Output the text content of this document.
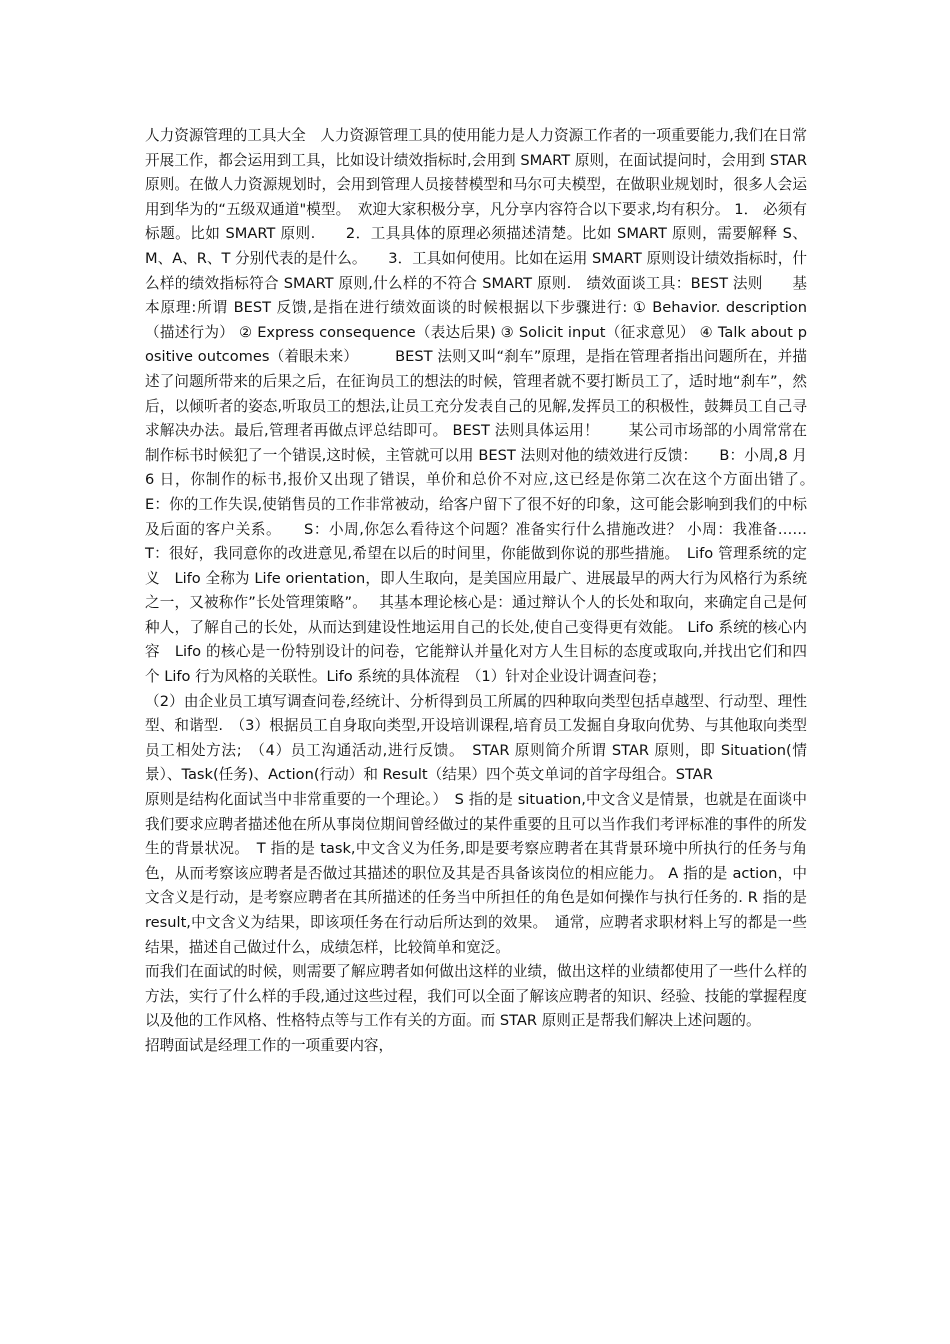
人力资源管理的工具大全　人力资源管理工具的使用能力是人力资源工作者的一项重要能力,我们在日常开展工作，都会运用到工具，比如设计绩效指标时,会用到 SMART 原则，在面试提问时，会用到 STAR 原则。在做人力资源规划时，会用到管理人员接替模型和马尔可夫模型，在做职业规划时，很多人会运用到华为的“五级双通道"模型。　欢迎大家积极分享，凡分享内容符合以下要求,均有积分。 1． 必须有标题。比如 SMART 原则.　　2．工具具体的原理必须描述清楚。比如 SMART 原则，需要解释 S、M、A、R、T 分别代表的是什么。　　3．工具如何使用。比如在运用 SMART 原则设计绩效指标时，什么样的绩效指标符合 SMART 原则,什么样的不符合 SMART 原则.　绩效面谈工具：BEST 法则　　基本原理:所谓 BEST 反馈,是指在进行绩效面谈的时候根据以下步骤进行: ① Behavior. description （描述行为） ② Express consequence（表达后果) ③ Solicit input（征求意见） ④ Talk about positive outcomes（着眼未来）　　　BEST 法则又叫“刹车”原理，是指在管理者指出问题所在，并描述了问题所带来的后果之后，在征询员工的想法的时候，管理者就不要打断员工了，适时地“刹车”，然后，以倾听者的姿态,听取员工的想法,让员工充分发表自己的见解,发挥员工的积极性，鼓舞员工自己寻求解决办法。最后,管理者再做点评总结即可。 BEST 法则具体运用！　　某公司市场部的小周常常在制作标书时候犯了一个错误,这时候，主管就可以用 BEST 法则对他的绩效进行反馈：　　B：小周,8 月 6 日，你制作的标书,报价又出现了错误，单价和总价不对应,这已经是你第二次在这个方面出错了。　　E：你的工作失误,使销售员的工作非常被动，给客户留下了很不好的印象，这可能会影响到我们的中标及后面的客户关系。　　S：小周,你怎么看待这个问题？准备实行什么措施改进？ 小周：我准备……　　T：很好，我同意你的改进意见,希望在以后的时间里，你能做到你说的那些措施。　Lifo 管理系统的定义　Lifo 全称为 Life orientation，即人生取向，是美国应用最广、进展最早的两大行为风格行为系统之一，又被称作”长处管理策略”。　 其基本理论核心是：通过辩认个人的长处和取向，来确定自己是何种人，了解自己的长处，从而达到建设性地运用自己的长处,使自己变得更有效能。 Lifo 系统的核心内容　Lifo 的核心是一份特别设计的问卷，它能辩认并量化对方人生目标的态度或取向,并找出它们和四个 Lifo 行为风格的关联性。Lifo 系统的具体流程　（1）针对企业设计调查问卷；

（2）由企业员工填写调查问卷,经统计、分析得到员工所属的四种取向类型包括卓越型、行动型、理性型、和谐型.　（3）根据员工自身取向类型,开设培训课程,培育员工发掘自身取向优势、与其他取向类型员工相处方法;　（4）员工沟通活动,进行反馈。　STAR 原则简介所谓 STAR 原则，即 Situation(情景）、Task(任务)、Action(行动）和 Result（结果）四个英文单词的首字母组合。STAR

原则是结构化面试当中非常重要的一个理论。）　S 指的是 situation,中文含义是情景，也就是在面谈中我们要求应聘者描述他在所从事岗位期间曾经做过的某件重要的且可以当作我们考评标准的事件的所发生的背景状况。　T 指的是 task,中文含义为任务,即是要考察应聘者在其背景环境中所执行的任务与角色，从而考察该应聘者是否做过其描述的职位及其是否具备该岗位的相应能力。 A 指的是 action，中文含义是行动，是考察应聘者在其所描述的任务当中所担任的角色是如何操作与执行任务的. R 指的是 result,中文含义为结果，即该项任务在行动后所达到的效果。　通常，应聘者求职材料上写的都是一些结果，描述自己做过什么，成绩怎样，比较简单和宽泛。

而我们在面试的时候，则需要了解应聘者如何做出这样的业绩，做出这样的业绩都使用了一些什么样的方法，实行了什么样的手段,通过这些过程，我们可以全面了解该应聘者的知识、经验、技能的掌握程度以及他的工作风格、性格特点等与工作有关的方面。而 STAR 原则正是帮我们解决上述问题的。

招聘面试是经理工作的一项重要内容，
